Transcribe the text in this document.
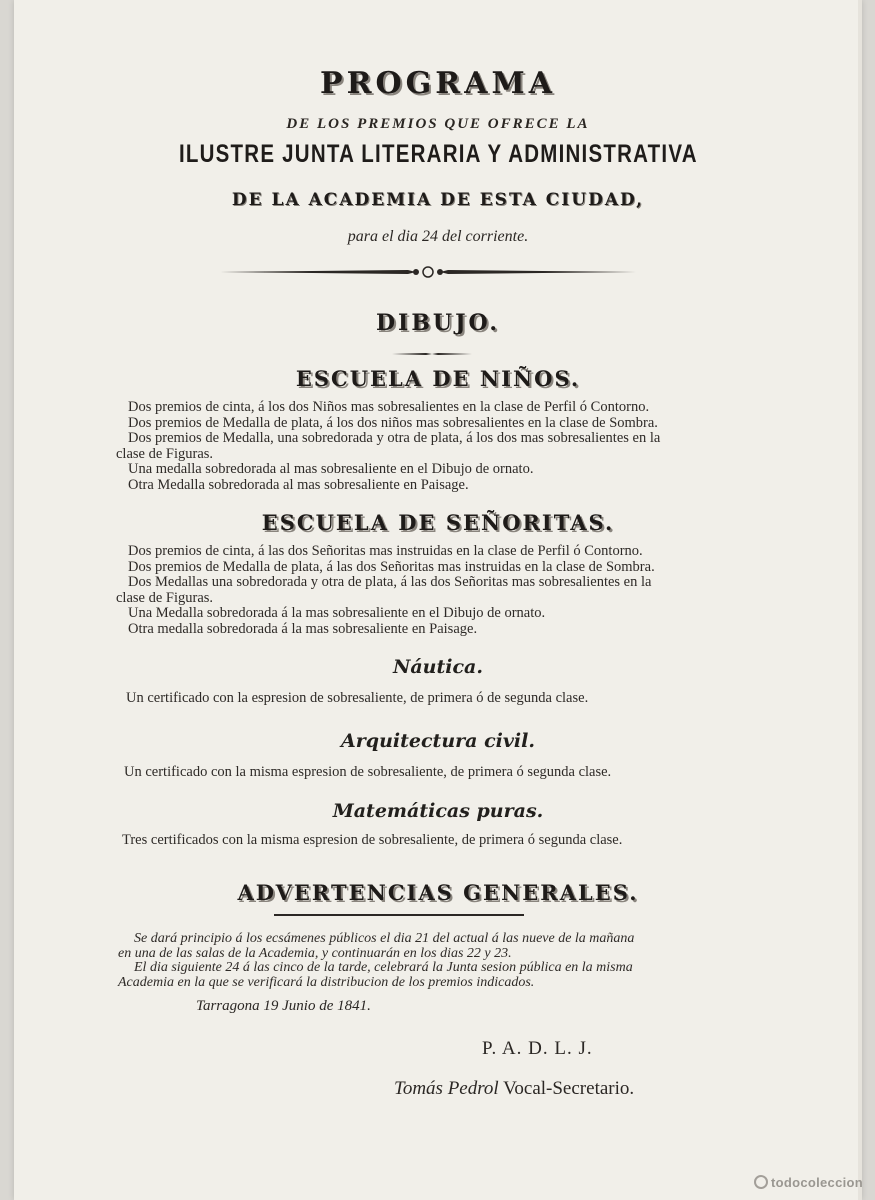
PROGRAMA
DE LOS PREMIOS QUE OFRECE LA
ILUSTRE JUNTA LITERARIA Y ADMINISTRATIVA
DE LA ACADEMIA DE ESTA CIUDAD,
para el dia 24 del corriente.
DIBUJO.
ESCUELA DE NIÑOS.
Dos premios de cinta, á los dos Niños mas sobresalientes en la clase de Perfil ó Contorno.
Dos premios de Medalla de plata, á los dos niños mas sobresalientes en la clase de Sombra.
Dos premios de Medalla, una sobredorada y otra de plata, á los dos mas sobresalientes en la
clase de Figuras.
Una medalla sobredorada al mas sobresaliente en el Dibujo de ornato.
Otra Medalla sobredorada al mas sobresaliente en Paisage.
ESCUELA DE SEÑORITAS.
Dos premios de cinta, á las dos Señoritas mas instruidas en la clase de Perfil ó Contorno.
Dos premios de Medalla de plata, á las dos Señoritas mas instruidas en la clase de Sombra.
Dos Medallas una sobredorada y otra de plata, á las dos Señoritas mas sobresalientes en la
clase de Figuras.
Una Medalla sobredorada á la mas sobresaliente en el Dibujo de ornato.
Otra medalla sobredorada á la mas sobresaliente en Paisage.
Náutica.
Un certificado con la espresion de sobresaliente, de primera ó de segunda clase.
Arquitectura civil.
Un certificado con la misma espresion de sobresaliente, de primera ó segunda clase.
Matemáticas puras.
Tres certificados con la misma espresion de sobresaliente, de primera ó segunda clase.
ADVERTENCIAS GENERALES.
Se dará principio á los ecsámenes públicos el dia 21 del actual á las nueve de la mañana
en una de las salas de la Academia, y continuarán en los dias 22 y 23.
El dia siguiente 24 á las cinco de la tarde, celebrará la Junta sesion pública en la misma
Academia en la que se verificará la distribucion de los premios indicados.
Tarragona 19 Junio de 1841.
P. A. D. L. J.
Tomás Pedrol Vocal-Secretario.
todocoleccion
